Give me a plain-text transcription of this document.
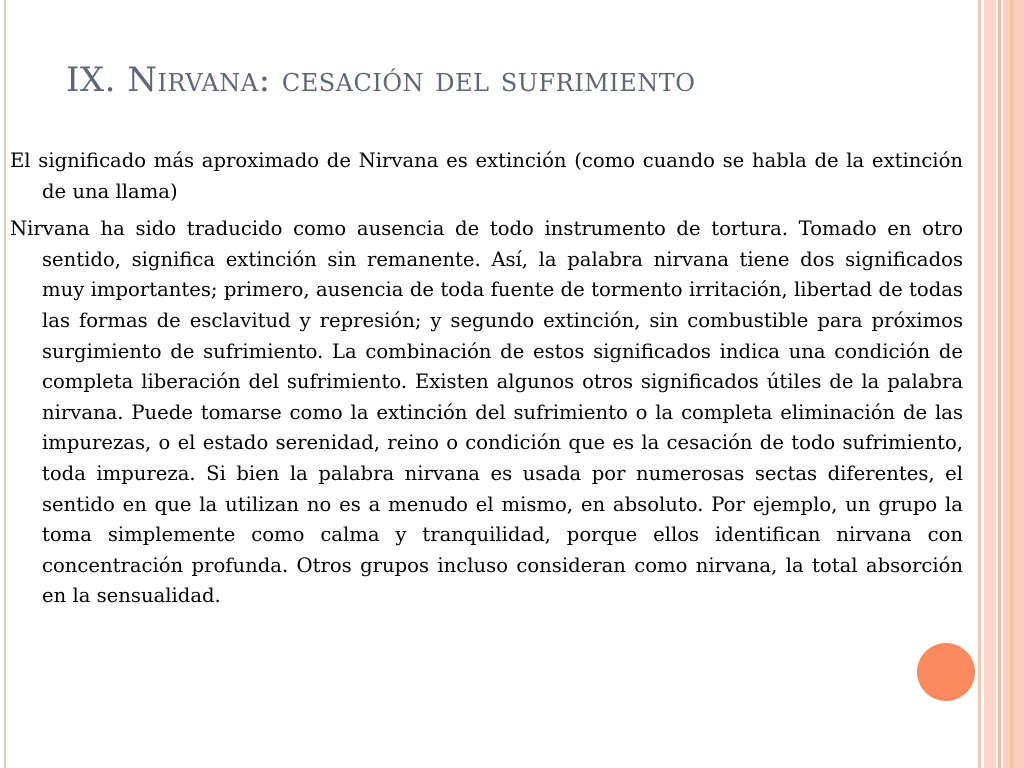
IX. Nirvana: cesación del sufrimiento

El significado más aproximado de Nirvana es extinción (como cuando se habla de la extinción de una llama)

Nirvana ha sido traducido como ausencia de todo instrumento de tortura. Tomado en otro sentido, significa extinción sin remanente. Así, la palabra nirvana tiene dos significados muy importantes; primero, ausencia de toda fuente de tormento irritación, libertad de todas las formas de esclavitud y represión; y segundo extinción, sin combustible para próximos surgimiento de sufrimiento. La combinación de estos significados indica una condición de completa liberación del sufrimiento. Existen algunos otros significados útiles de la palabra nirvana. Puede tomarse como la extinción del sufrimiento o la completa eliminación de las impurezas, o el estado serenidad, reino o condición que es la cesación de todo sufrimiento, toda impureza. Si bien la palabra nirvana es usada por numerosas sectas diferentes, el sentido en que la utilizan no es a menudo el mismo, en absoluto. Por ejemplo, un grupo la toma simplemente como calma y tranquilidad, porque ellos identifican nirvana con concentración profunda. Otros grupos incluso consideran como nirvana, la total absorción en la sensualidad.
